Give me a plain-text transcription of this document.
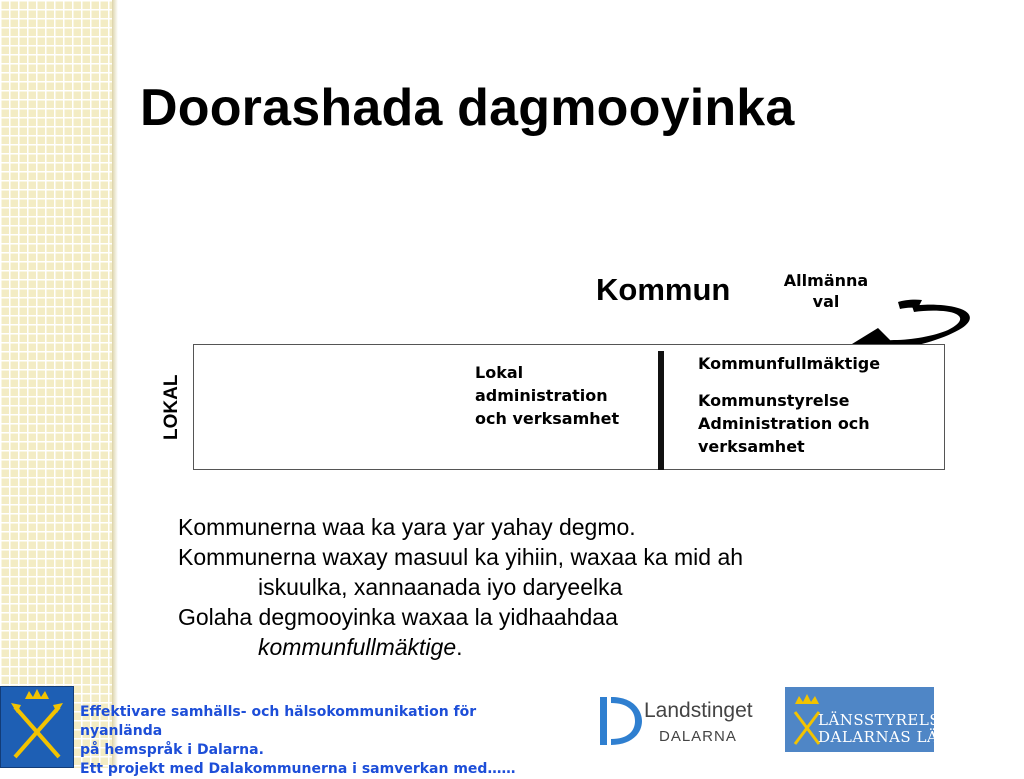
Doorashada dagmooyinka
Kommun	Allmänna
val
LOKAL
Lokal administration
och verksamhet
Kommunfullmäktige
Kommunstyrelse
Administration och
verksamhet
Kommunerna waa ka yara yar yahay degmo.
Kommunerna waxay masuul ka yihiin, waxaa ka mid ah
iskuulka, xannaanada iyo daryeelka
Golaha degmooyinka waxaa la yidhaahdaa
kommunfullmäktige.
Effektivare samhälls- och hälsokommunikation för nyanlända
på hemspråk i Dalarna.
Ett projekt med Dalakommunerna i samverkan med……
Landstinget
DALARNA
LÄNSSTYRELSEN
DALARNAS LÄN
